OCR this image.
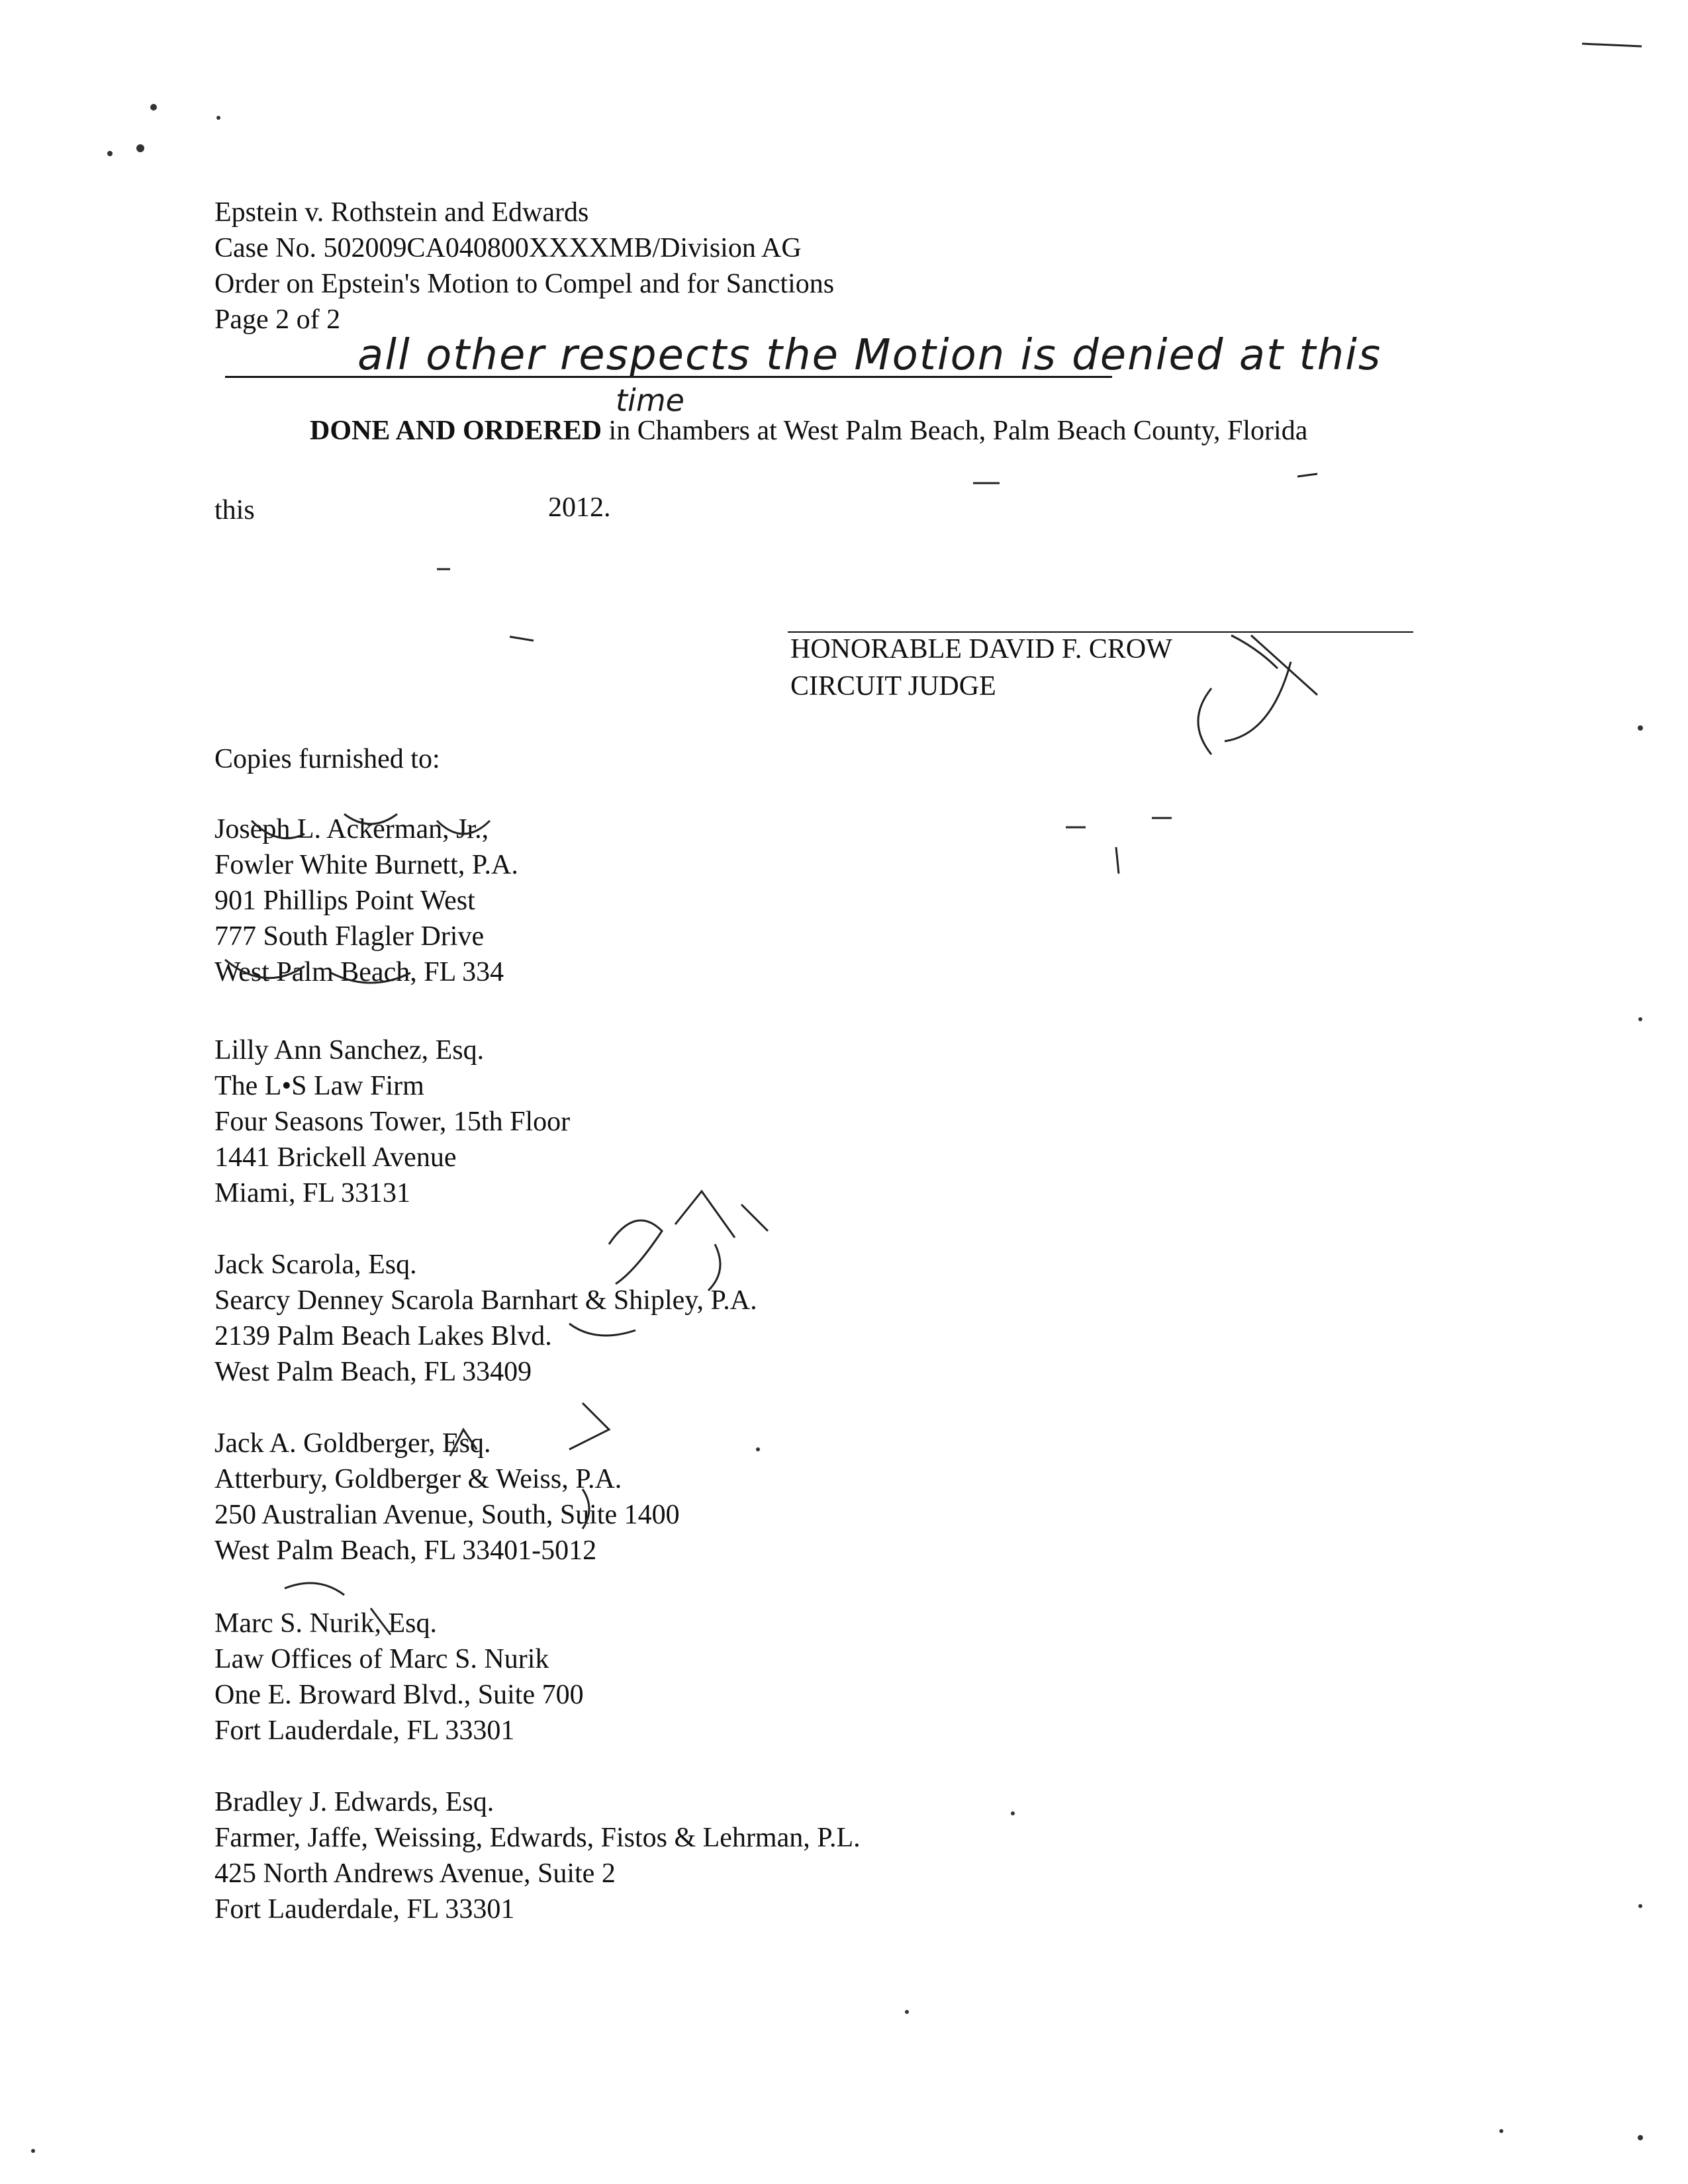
Epstein v. Rothstein and Edwards
Case No. 502009CA040800XXXXMB/Division AG
Order on Epstein's Motion to Compel and for Sanctions
Page 2 of 2
all other respects the Motion is denied at this
time
DONE AND ORDERED in Chambers at West Palm Beach, Palm Beach County, Florida
this	2012.
HONORABLE DAVID F. CROW
CIRCUIT JUDGE
Copies furnished to:
Joseph L. Ackerman, Jr.,
Fowler White Burnett, P.A.
901 Phillips Point West
777 South Flagler Drive
West Palm Beach, FL 334
Lilly Ann Sanchez, Esq.
The L•S Law Firm
Four Seasons Tower, 15th Floor
1441 Brickell Avenue
Miami, FL 33131
Jack Scarola, Esq.
Searcy Denney Scarola Barnhart & Shipley, P.A.
2139 Palm Beach Lakes Blvd.
West Palm Beach, FL 33409
Jack A. Goldberger, Esq.
Atterbury, Goldberger & Weiss, P.A.
250 Australian Avenue, South, Suite 1400
West Palm Beach, FL 33401-5012
Marc S. Nurik, Esq.
Law Offices of Marc S. Nurik
One E. Broward Blvd., Suite 700
Fort Lauderdale, FL 33301
Bradley J. Edwards, Esq.
Farmer, Jaffe, Weissing, Edwards, Fistos & Lehrman, P.L.
425 North Andrews Avenue, Suite 2
Fort Lauderdale, FL 33301
